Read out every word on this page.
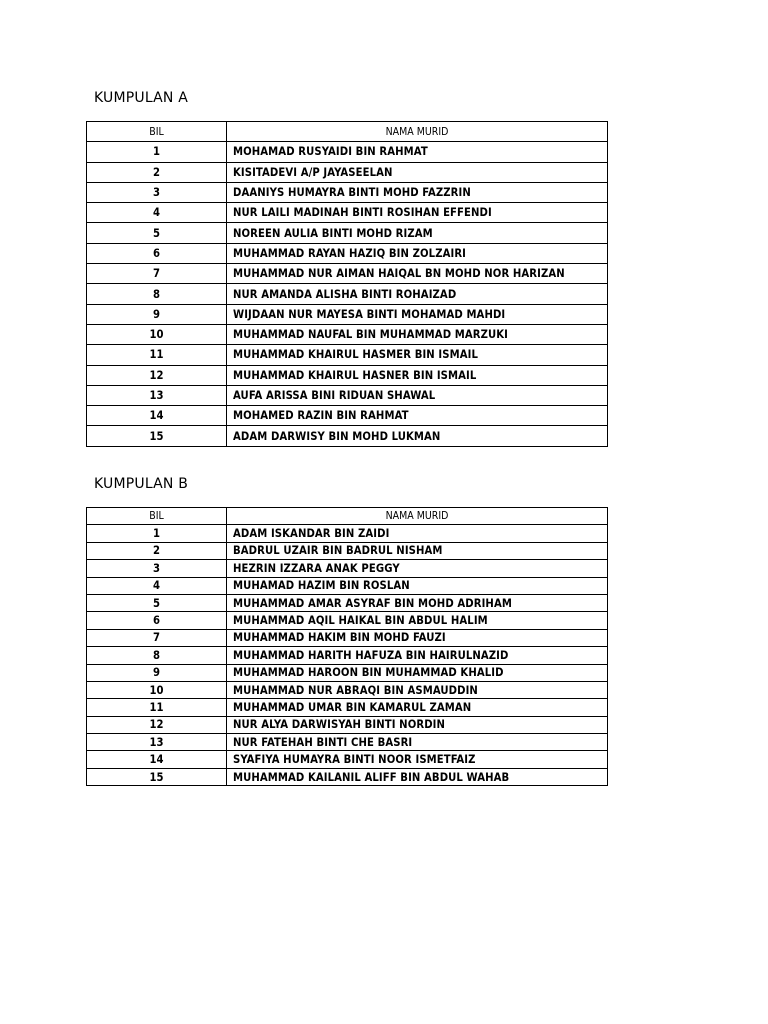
KUMPULAN A
BIL	NAMA MURID
1	MOHAMAD RUSYAIDI BIN RAHMAT
2	KISITADEVI A/P JAYASEELAN
3	DAANIYS HUMAYRA BINTI MOHD FAZZRIN
4	NUR LAILI MADINAH BINTI ROSIHAN EFFENDI
5	NOREEN AULIA BINTI MOHD RIZAM
6	MUHAMMAD RAYAN HAZIQ BIN ZOLZAIRI
7	MUHAMMAD NUR AIMAN HAIQAL BN MOHD NOR HARIZAN
8	NUR AMANDA ALISHA BINTI ROHAIZAD
9	WIJDAAN NUR MAYESA BINTI MOHAMAD MAHDI
10	MUHAMMAD NAUFAL BIN MUHAMMAD MARZUKI
11	MUHAMMAD KHAIRUL HASMER BIN ISMAIL
12	MUHAMMAD KHAIRUL HASNER BIN ISMAIL
13	AUFA ARISSA BINI RIDUAN SHAWAL
14	MOHAMED RAZIN BIN RAHMAT
15	ADAM DARWISY BIN MOHD LUKMAN
KUMPULAN B
BIL	NAMA MURID
1	ADAM ISKANDAR BIN ZAIDI
2	BADRUL UZAIR BIN BADRUL NISHAM
3	HEZRIN IZZARA ANAK PEGGY
4	MUHAMAD HAZIM BIN ROSLAN
5	MUHAMMAD AMAR ASYRAF BIN MOHD ADRIHAM
6	MUHAMMAD AQIL HAIKAL BIN ABDUL HALIM
7	MUHAMMAD HAKIM BIN MOHD FAUZI
8	MUHAMMAD HARITH HAFUZA BIN HAIRULNAZID
9	MUHAMMAD HAROON BIN MUHAMMAD KHALID
10	MUHAMMAD NUR ABRAQI BIN ASMAUDDIN
11	MUHAMMAD UMAR BIN KAMARUL ZAMAN
12	NUR ALYA DARWISYAH BINTI NORDIN
13	NUR FATEHAH BINTI CHE BASRI
14	SYAFIYA HUMAYRA BINTI NOOR ISMETFAIZ
15	MUHAMMAD KAILANIL ALIFF BIN ABDUL WAHAB
